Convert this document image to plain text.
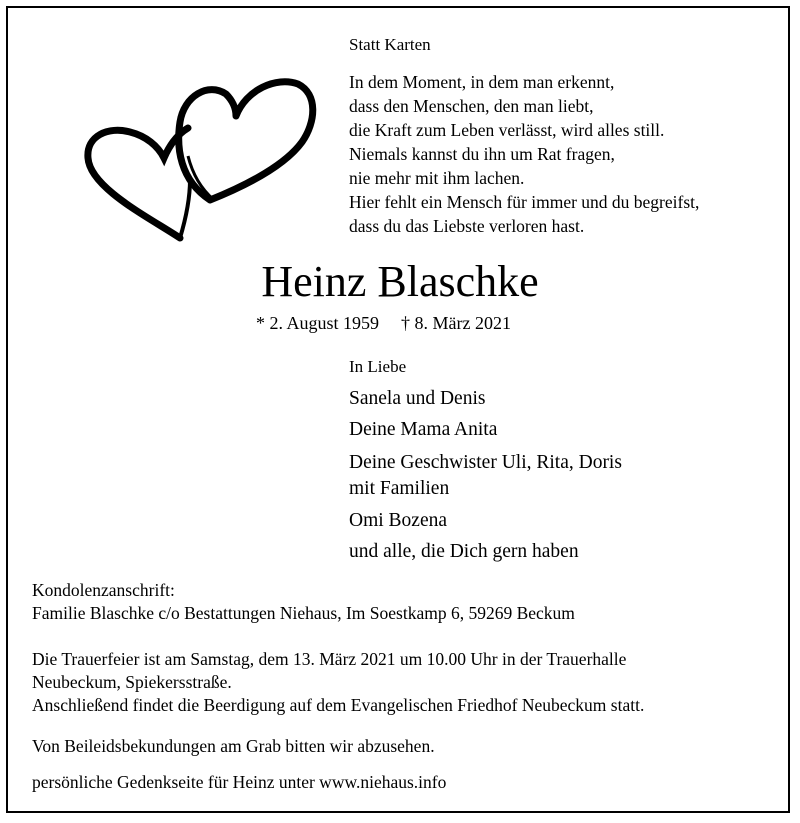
Statt Karten
In dem Moment, in dem man erkennt,
dass den Menschen, den man liebt,
die Kraft zum Leben verlässt, wird alles still.
Niemals kannst du ihn um Rat fragen,
nie mehr mit ihm lachen.
Hier fehlt ein Mensch für immer und du begreifst,
dass du das Liebste verloren hast.
Heinz Blaschke
* 2. August 1959 † 8. März 2021
In Liebe
Sanela und Denis
Deine Mama Anita
Deine Geschwister Uli, Rita, Doris
mit Familien
Omi Bozena
und alle, die Dich gern haben
Kondolenzanschrift:
Familie Blaschke c/o Bestattungen Niehaus, Im Soestkamp 6, 59269 Beckum
Die Trauerfeier ist am Samstag, dem 13. März 2021 um 10.00 Uhr in der Trauerhalle
Neubeckum, Spiekersstraße.
Anschließend findet die Beerdigung auf dem Evangelischen Friedhof Neubeckum statt.
Von Beileidsbekundungen am Grab bitten wir abzusehen.
persönliche Gedenkseite für Heinz unter www.niehaus.info
